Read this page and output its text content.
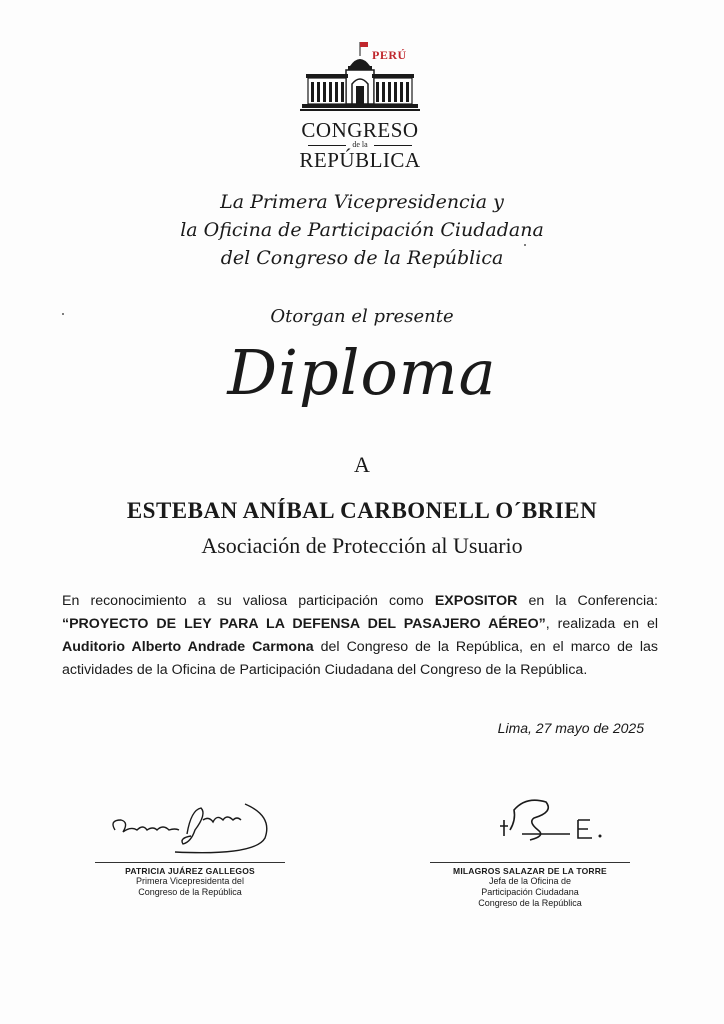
PERÚ
CONGRESO
de la
REPÚBLICA
La Primera Vicepresidencia y
la Oficina de Participación Ciudadana
del Congreso de la República
Otorgan el presente
Diploma
A
ESTEBAN ANÍBAL CARBONELL O´BRIEN
Asociación de Protección al Usuario
En reconocimiento a su valiosa participación como EXPOSITOR en la Conferencia:
“PROYECTO DE LEY PARA LA DEFENSA DEL PASAJERO AÉREO”, realizada en el
Auditorio Alberto Andrade Carmona del Congreso de la República, en el marco de las
actividades de la Oficina de Participación Ciudadana del Congreso de la República.
Lima, 27 mayo de 2025
PATRICIA JUÁREZ GALLEGOS
Primera Vicepresidenta del
Congreso de la República
MILAGROS SALAZAR DE LA TORRE
Jefa de la Oficina de
Participación Ciudadana
Congreso de la República
